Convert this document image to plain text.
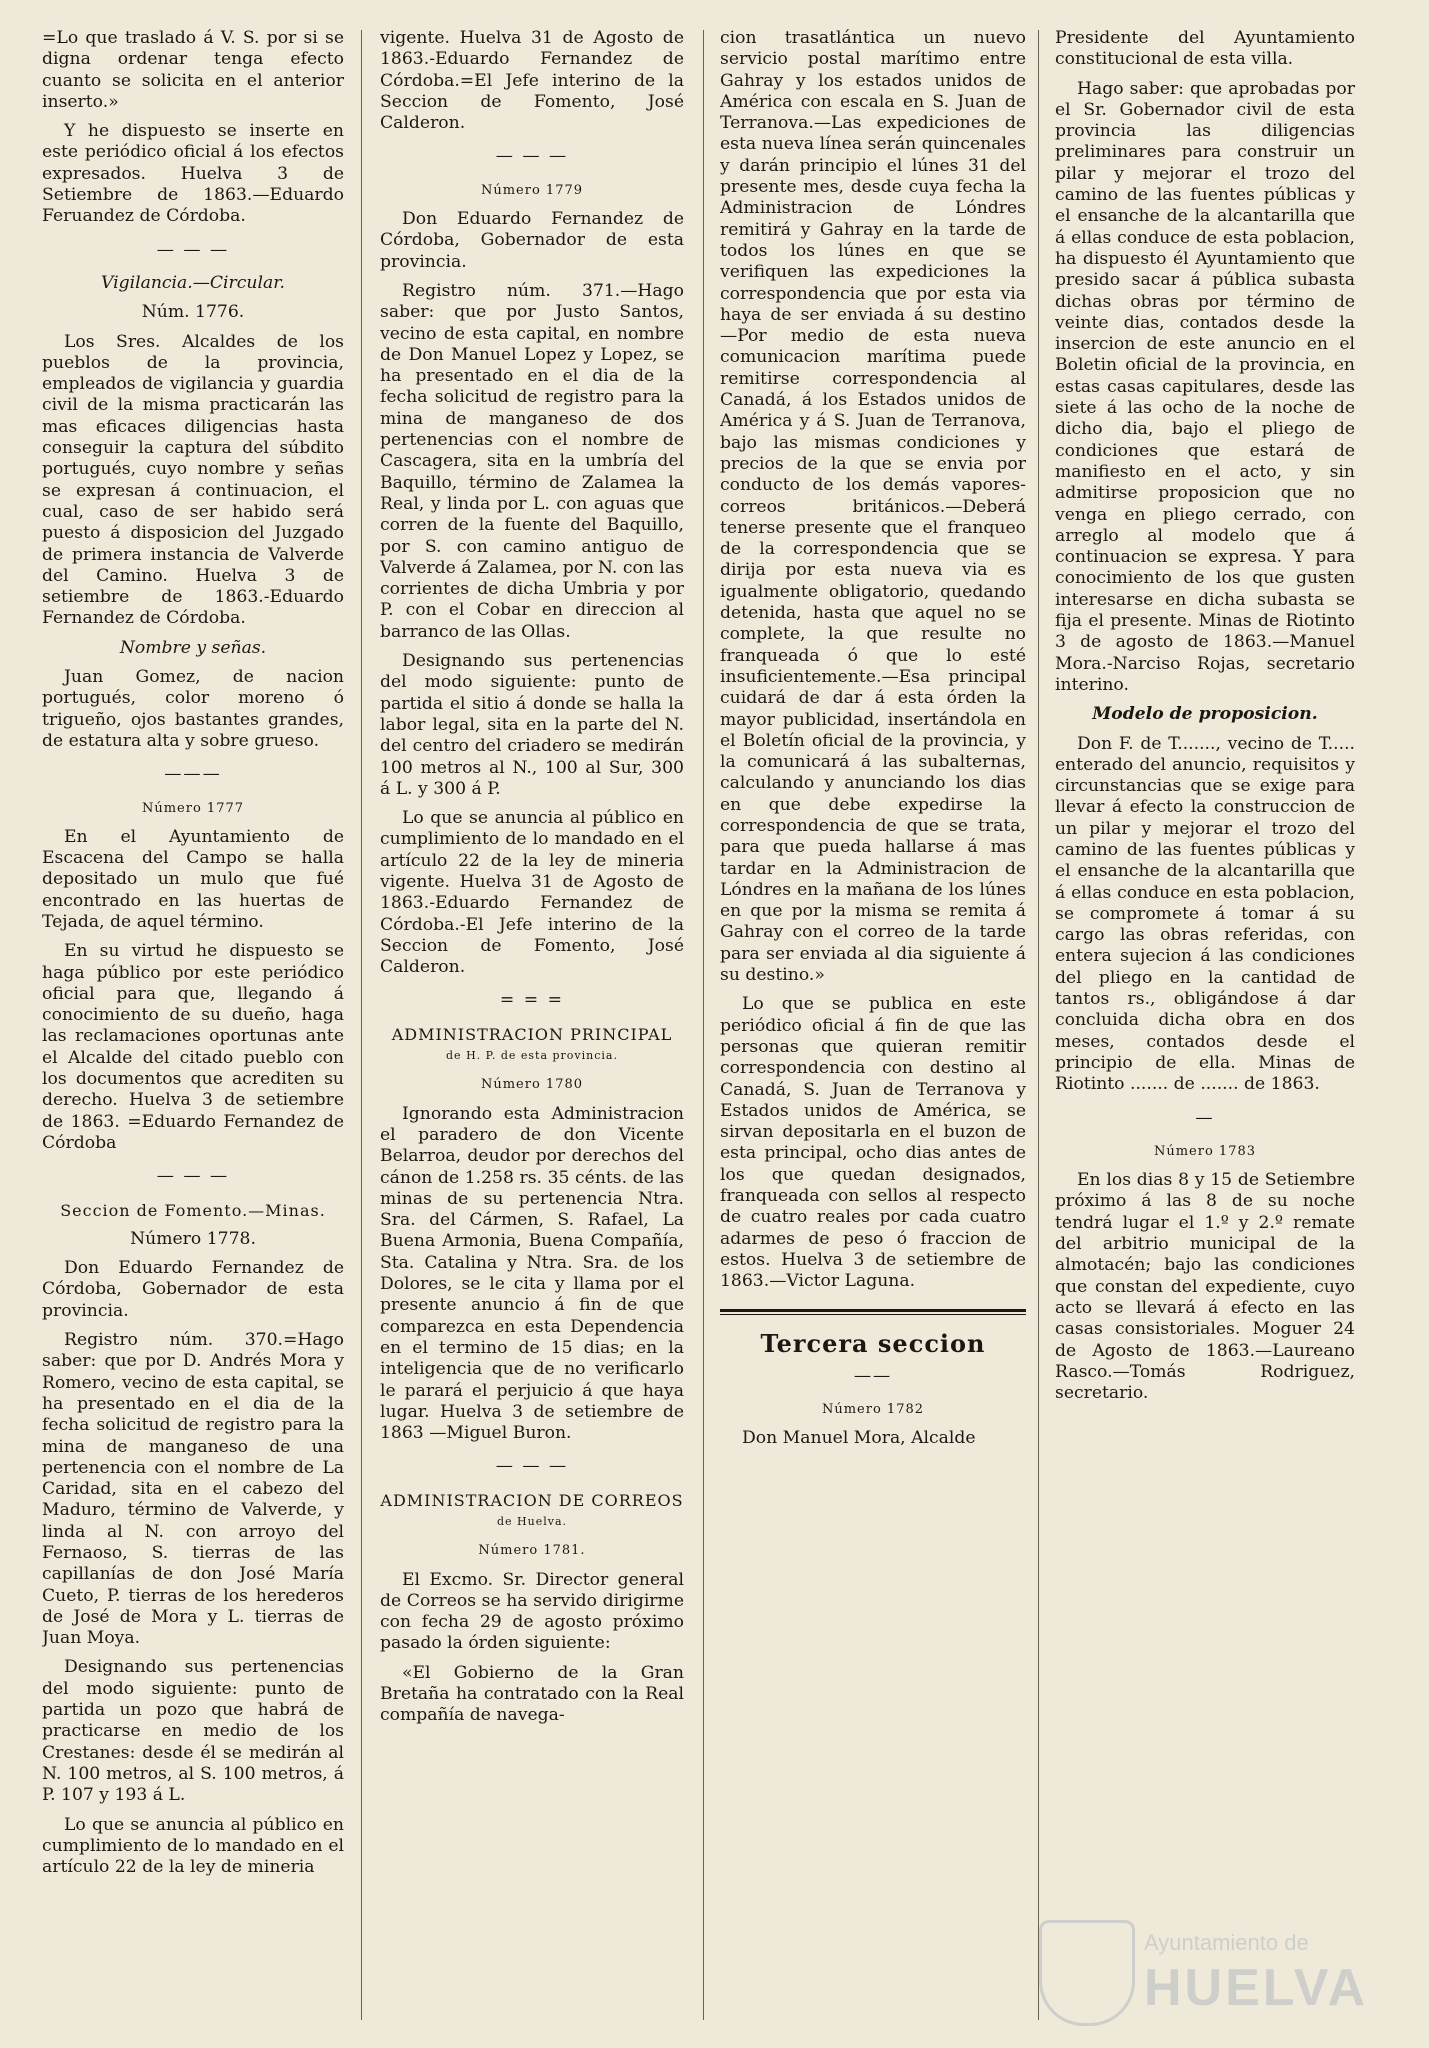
=Lo que traslado á V. S. por si se digna ordenar tenga efecto cuanto se solicita en el anterior inserto.»

Y he dispuesto se inserte en este periódico oficial á los efectos expresados. Huelva 3 de Setiembre de 1863.—Eduardo Feruandez de Córdoba.

— — —
Vigilancia.—Circular.
Núm. 1776.

Los Sres. Alcaldes de los pueblos de la provincia, empleados de vigilancia y guardia civil de la misma practicarán las mas eficaces diligencias hasta conseguir la captura del súbdito portugués, cuyo nombre y señas se expresan á continuacion, el cual, caso de ser habido será puesto á disposicion del Juzgado de primera instancia de Valverde del Camino. Huelva 3 de setiembre de 1863.-Eduardo Fernandez de Córdoba.

Nombre y señas.

Juan Gomez, de nacion portugués, color moreno ó trigueño, ojos bastantes grandes, de estatura alta y sobre grueso.

———
Número 1777

En el Ayuntamiento de Escacena del Campo se halla depositado un mulo que fué encontrado en las huertas de Tejada, de aquel término.

En su virtud he dispuesto se haga público por este periódico oficial para que, llegando á conocimiento de su dueño, haga las reclamaciones oportunas ante el Alcalde del citado pueblo con los documentos que acrediten su derecho. Huelva 3 de setiembre de 1863. =Eduardo Fernandez de Córdoba

— — —
Seccion de Fomento.—Minas.
Número 1778.

Don Eduardo Fernandez de Córdoba, Gobernador de esta provincia.

Registro núm. 370.=Hago saber: que por D. Andrés Mora y Romero, vecino de esta capital, se ha presentado en el dia de la fecha solicitud de registro para la mina de manganeso de una pertenencia con el nombre de La Caridad, sita en el cabezo del Maduro, término de Valverde, y linda al N. con arroyo del Fernaoso, S. tierras de las capillanías de don José María Cueto, P. tierras de los herederos de José de Mora y L. tierras de Juan Moya.

Designando sus pertenencias del modo siguiente: punto de partida un pozo que habrá de practicarse en medio de los Crestanes: desde él se medirán al N. 100 metros, al S. 100 metros, á P. 107 y 193 á L.

Lo que se anuncia al público en cumplimiento de lo mandado en el artículo 22 de la ley de mineria

vigente. Huelva 31 de Agosto de 1863.-Eduardo Fernandez de Córdoba.=El Jefe interino de la Seccion de Fomento, José Calderon.

— — —
Número 1779

Don Eduardo Fernandez de Córdoba, Gobernador de esta provincia.

Registro núm. 371.—Hago saber: que por Justo Santos, vecino de esta capital, en nombre de Don Manuel Lopez y Lopez, se ha presentado en el dia de la fecha solicitud de registro para la mina de manganeso de dos pertenencias con el nombre de Cascagera, sita en la umbría del Baquillo, término de Zalamea la Real, y linda por L. con aguas que corren de la fuente del Baquillo, por S. con camino antiguo de Valverde á Zalamea, por N. con las corrientes de dicha Umbria y por P. con el Cobar en direccion al barranco de las Ollas.

Designando sus pertenencias del modo siguiente: punto de partida el sitio á donde se halla la labor legal, sita en la parte del N. del centro del criadero se medirán 100 metros al N., 100 al Sur, 300 á L. y 300 á P.

Lo que se anuncia al público en cumplimiento de lo mandado en el artículo 22 de la ley de mineria vigente. Huelva 31 de Agosto de 1863.-Eduardo Fernandez de Córdoba.-El Jefe interino de la Seccion de Fomento, José Calderon.

= = =
ADMINISTRACION PRINCIPAL
de H. P. de esta provincia.
Número 1780

Ignorando esta Administracion el paradero de don Vicente Belarroa, deudor por derechos del cánon de 1.258 rs. 35 cénts. de las minas de su pertenencia Ntra. Sra. del Cármen, S. Rafael, La Buena Armonia, Buena Compañía, Sta. Catalina y Ntra. Sra. de los Dolores, se le cita y llama por el presente anuncio á fin de que comparezca en esta Dependencia en el termino de 15 dias; en la inteligencia que de no verificarlo le parará el perjuicio á que haya lugar. Huelva 3 de setiembre de 1863 —Miguel Buron.

— — —
ADMINISTRACION DE CORREOS
de Huelva.
Número 1781.

El Excmo. Sr. Director general de Correos se ha servido dirigirme con fecha 29 de agosto próximo pasado la órden siguiente:

«El Gobierno de la Gran Bretaña ha contratado con la Real compañía de navega-

cion trasatlántica un nuevo servicio postal marítimo entre Gahray y los estados unidos de América con escala en S. Juan de Terranova.—Las expediciones de esta nueva línea serán quincenales y darán principio el lúnes 31 del presente mes, desde cuya fecha la Administracion de Lóndres remitirá y Gahray en la tarde de todos los lúnes en que se verifiquen las expediciones la correspondencia que por esta via haya de ser enviada á su destino —Por medio de esta nueva comunicacion marítima puede remitirse correspondencia al Canadá, á los Estados unidos de América y á S. Juan de Terranova, bajo las mismas condiciones y precios de la que se envia por conducto de los demás vapores-correos británicos.—Deberá tenerse presente que el franqueo de la correspondencia que se dirija por esta nueva via es igualmente obligatorio, quedando detenida, hasta que aquel no se complete, la que resulte no franqueada ó que lo esté insuficientemente.—Esa principal cuidará de dar á esta órden la mayor publicidad, insertándola en el Boletín oficial de la provincia, y la comunicará á las subalternas, calculando y anunciando los dias en que debe expedirse la correspondencia de que se trata, para que pueda hallarse á mas tardar en la Administracion de Lóndres en la mañana de los lúnes en que por la misma se remita á Gahray con el correo de la tarde para ser enviada al dia siguiente á su destino.»

Lo que se publica en este periódico oficial á fin de que las personas que quieran remitir correspondencia con destino al Canadá, S. Juan de Terranova y Estados unidos de América, se sirvan depositarla en el buzon de esta principal, ocho dias antes de los que quedan designados, franqueada con sellos al respecto de cuatro reales por cada cuatro adarmes de peso ó fraccion de estos. Huelva 3 de setiembre de 1863.—Victor Laguna.

Tercera seccion
——
Número 1782

Don Manuel Mora, Alcalde

Presidente del Ayuntamiento constitucional de esta villa.

Hago saber: que aprobadas por el Sr. Gobernador civil de esta provincia las diligencias preliminares para construir un pilar y mejorar el trozo del camino de las fuentes públicas y el ensanche de la alcantarilla que á ellas conduce de esta poblacion, ha dispuesto él Ayuntamiento que presido sacar á pública subasta dichas obras por término de veinte dias, contados desde la insercion de este anuncio en el Boletin oficial de la provincia, en estas casas capitulares, desde las siete á las ocho de la noche de dicho dia, bajo el pliego de condiciones que estará de manifiesto en el acto, y sin admitirse proposicion que no venga en pliego cerrado, con arreglo al modelo que á continuacion se expresa. Y para conocimiento de los que gusten interesarse en dicha subasta se fija el presente. Minas de Riotinto 3 de agosto de 1863.—Manuel Mora.-Narciso Rojas, secretario interino.

Modelo de proposicion.

Don F. de T......., vecino de T..... enterado del anuncio, requisitos y circunstancias que se exige para llevar á efecto la construccion de un pilar y mejorar el trozo del camino de las fuentes públicas y el ensanche de la alcantarilla que á ellas conduce en esta poblacion, se compromete á tomar á su cargo las obras referidas, con entera sujecion á las condiciones del pliego en la cantidad de tantos rs., obligándose á dar concluida dicha obra en dos meses, contados desde el principio de ella. Minas de Riotinto ....... de ....... de 1863.

—
Número 1783

En los dias 8 y 15 de Setiembre próximo á las 8 de su noche tendrá lugar el 1.º y 2.º remate del arbitrio municipal de la almotacén; bajo las condiciones que constan del expediente, cuyo acto se llevará á efecto en las casas consistoriales. Moguer 24 de Agosto de 1863.—Laureano Rasco.—Tomás Rodriguez, secretario.

Ayuntamiento de
HUELVA
